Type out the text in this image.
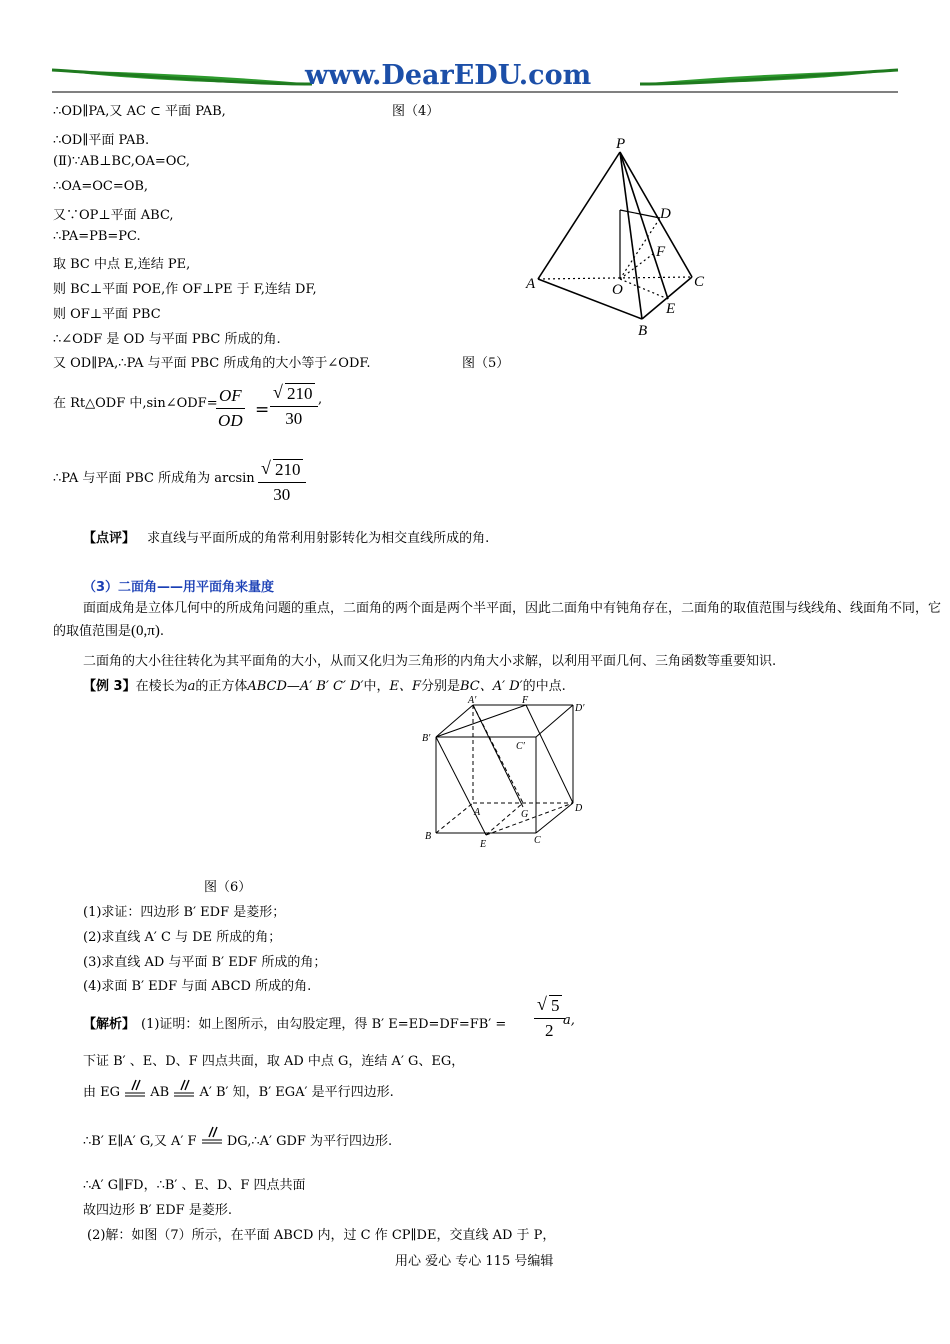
www.DearEDU.com
∴OD∥PA,又 AC ⊂ 平面 PAB,	图（4）
∴OD∥平面 PAB.
(Ⅱ)∵AB⊥BC,OA=OC,
∴OA=OC=OB,
又∵OP⊥平面 ABC,
∴PA=PB=PC.
取 BC 中点 E,连结 PE,
则 BC⊥平面 POE,作 OF⊥PE 于 F,连结 DF,
则 OF⊥平面 PBC
∴∠ODF 是 OD 与平面 PBC 所成的角.
又 OD∥PA,∴PA 与平面 PBC 所成角的大小等于∠ODF.	图（5）
P
D
F
A	O	C
E
B
在 Rt△ODF 中,sin∠ODF= OF
OD
=
√ 210
30
,
∴PA 与平面 PBC 所成角为 arcsin
√	210
30
【点评】 求直线与平面所成的角常利用射影转化为相交直线所成的角.
（3）二面角——用平面角来量度
面面成角是立体几何中的所成角问题的重点，二面角的两个面是两个半平面，因此二面角中有钝角存在，二面角的取值范围与线线角、线面角不同，它的取值范围是(0,π).
二面角的大小往往转化为其平面角的大小，从而又化归为三角形的内角大小求解，以利用平面几何、三角函数等重要知识.
【例 3】在棱长为a的正方体ABCD—A′ B′ C′ D′中，E、F分别是BC、A′ D′的中点.
A′	F
D′
B′
C′
A	G
D
B
E	C
图（6）
(1)求证：四边形 B′ EDF 是菱形；
(2)求直线 A′ C 与 DE 所成的角；
(3)求直线 AD 与平面 B′ EDF 所成的角；
(4)求面 B′ EDF 与面 ABCD 所成的角.
【解析】 (1)证明：如上图所示，由勾股定理，得 B′ E=ED=DF=FB′ =
√ 5
2
a,
下证 B′ 、E、D、F 四点共面，取 AD 中点 G，连结 A′ G、EG，
由 EG AB A′ B′ 知，B′ EGA′ 是平行四边形.
∴B′ E∥A′ G,又 A′ F DG,∴A′ GDF 为平行四边形.
∴A′ G∥FD，∴B′ 、E、D、F 四点共面
故四边形 B′ EDF 是菱形.
(2)解：如图（7）所示，在平面 ABCD 内，过 C 作 CP∥DE，交直线 AD 于 P，
用心 爱心 专心 115 号编辑
